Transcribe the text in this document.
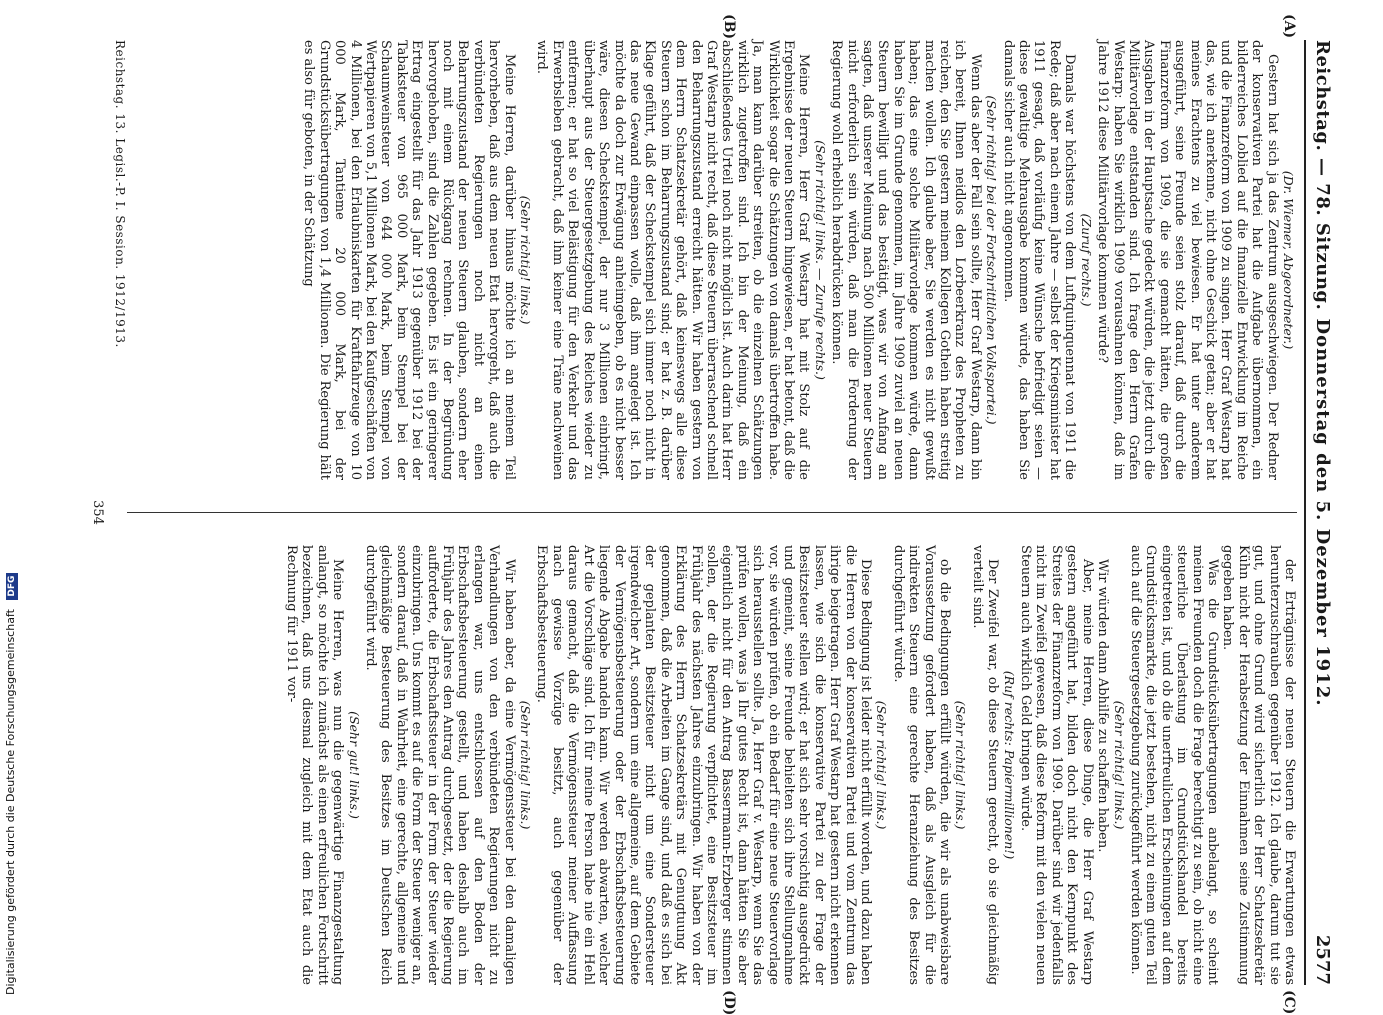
Reichstag. — 78. Sitzung.
Donnerstag den 5. Dezember 1912.
2577
(A)
(B)
(C)
(D)
(Dr. Wiemer, Abgeordneter.)

Gestern hat sich ja das Zentrum ausgeschwiegen. Der Redner der konservativen Partei hat die Aufgabe übernommen, ein bilderreiches Loblied auf die finanzielle Entwicklung im Reiche und die Finanzreform von 1909 zu singen. Herr Graf Westarp hat das, wie ich anerkenne, nicht ohne Geschick getan; aber er hat meines Erachtens zu viel bewiesen. Er hat unter anderem ausgeführt, seine Freunde seien stolz darauf, daß durch die Finanzreform von 1909, die sie gemacht hätten, die großen Ausgaben in der Hauptsache gedeckt würden, die jetzt durch die Militärvorlage entstanden sind. Ich frage den Herrn Grafen Westarp: haben Sie wirklich 1909 vorausahnen können, daß im Jahre 1912 diese Militärvorlage kommen würde?

(Zuruf rechts.)

Damals war höchstens von dem Luftquinquennat von 1911 die Rede; daß aber nach einem Jahre — selbst der Kriegsminister hat 1911 gesagt, daß vorläufig keine Wünsche befriedigt seien — diese gewaltige Mehrausgabe kommen würde, das haben Sie damals sicher auch nicht angenommen.

(Sehr richtig! bei der Fortschrittlichen Volkspartei.)

Wenn das aber der Fall sein sollte, Herr Graf Westarp, dann bin ich bereit, Ihnen neidlos den Lorbeerkranz des Propheten zu reichen, den Sie gestern meinem Kollegen Gothein haben streitig machen wollen. Ich glaube aber, Sie werden es nicht gewußt haben; das eine solche Militärvorlage kommen würde, dann haben Sie im Grunde genommen, im Jahre 1909 zuviel an neuen Steuern bewilligt und das bestätigt, was wir von Anfang an sagten, daß unserer Meinung nach 500 Millionen neuer Steuern nicht erforderlich sein würden, daß man die Forderung der Regierung wohl erheblich herabdrücken können.

(Sehr richtig! links. — Zurufe rechts.)

Meine Herren, Herr Graf Westarp hat mit Stolz auf die Ergebnisse der neuen Steuern hingewiesen, er hat betont, daß die Wirklichkeit sogar die Schätzungen von damals übertroffen habe. Ja, man kann darüber streiten, ob die einzelnen Schätzungen wirklich zugetroffen sind. Ich bin der Meinung, daß ein abschließendes Urteil noch nicht möglich ist. Auch darin hat Herr Graf Westarp nicht recht, daß diese Steuern überraschend schnell den Beharrungszustand erreicht hätten. Wir haben gestern von dem Herrn Schatzsekretär gehört, daß keineswegs alle diese Steuern schon im Beharrungszustand sind; er hat z. B. darüber Klage geführt, daß der Scheckstempel sich immer noch nicht in das neue Gewand einpassen wolle, daß ihm angelegt ist. Ich möchte da doch zur Erwägung anheimgeben, ob es nicht besser wäre, diesen Scheckstempel, der nur 3 Millionen einbringt, überhaupt aus der Steuergesetzgebung des Reiches wieder zu entfernen; er hat so viel Belästigung für den Verkehr und das Erwerbsleben gebracht, daß ihm keiner eine Träne nachweinen wird.

(Sehr richtig! links.)

Meine Herren, darüber hinaus möchte ich an meinem Teil hervorheben, daß aus dem neuen Etat hervorgeht, daß auch die verbündeten Regierungen noch nicht an einen Beharrungszustand der neuen Steuern glauben, sondern eher noch mit einem Rückgang rechnen. In der Begründung hervorgehoben, sind die Zahlen gegeben. Es ist ein geringerer Ertrag eingestellt für das Jahr 1913 gegenüber 1912 bei der Tabaksteuer von 965 000 Mark, beim Stempel bei der Schaumweinsteuer von 644 000 Mark, beim Stempel von Wertpapieren von 5,1 Millionen Mark, bei den Kaufgeschäften von 4 Millionen, bei den Erlaubniskarten für Kraftfahrzeuge von 10 000 Mark, Tantieme 20 000 Mark, bei der Grundstücksübertragungen von 1,4 Millionen. Die Regierung hält es also für geboten, in der Schätzung

der Erträgnisse der neuen Steuern die Erwartungen etwas herunterzuschrauben gegenüber 1912. Ich glaube, darum tut sie gut, und ohne Grund wird sicherlich der Herr Schatzsekretär Kühn nicht der Herabsetzung der Einnahmen seine Zustimmung gegeben haben.

Was die Grundstücksübertragungen anbelangt, so scheint meinen Freunden doch die Frage berechtigt zu sein, ob nicht eine steuerliche Überlastung im Grundstückshandel bereits eingetreten ist, und ob die unerfreulichen Erscheinungen auf dem Grundstücksmarkte, die jetzt bestehen, nicht zu einem guten Teil auch auf die Steuergesetzgebung zurückgeführt werden können.

(Sehr richtig! links.)

Wir würden dann Abhilfe zu schaffen haben.

Aber, meine Herren, diese Dinge, die Herr Graf Westarp gestern angeführt hat, bilden doch nicht den Kernpunkt des Streites der Finanzreform von 1909. Darüber sind wir jedenfalls nicht im Zweifel gewesen, daß diese Reform mit den vielen neuen Steuern auch wirklich Geld bringen würde.

(Ruf rechts: Papiermillionen!)

Der Zweifel war, ob diese Steuern gerecht, ob sie gleichmäßig verteilt sind.

(Sehr richtig! links.)

ob die Bedingungen erfüllt würden, die wir als unabweisbare Voraussetzung gefordert haben, daß als Ausgleich für die indirekten Steuern eine gerechte Heranziehung des Besitzes durchgeführt würde.

(Sehr richtig! links.)

Diese Bedingung ist leider nicht erfüllt worden, und dazu haben die Herren von der konservativen Partei und vom Zentrum das ihrige beigetragen. Herr Graf Westarp hat gestern nicht erkennen lassen, wie sich die konservative Partei zu der Frage der Besitzsteuer stellen wird; er hat sich sehr vorsichtig ausgedrückt und gemeint, seine Freunde behielten sich ihre Stellungnahme vor, sie würden prüfen, ob ein Bedarf für eine neue Steuervorlage sich herausstellen sollte. Ja, Herr Graf v. Westarp, wenn Sie das prüfen wollen, was ja Ihr gutes Recht ist, dann hätten Sie aber eigentlich nicht für den Antrag Bassermann-Erzberger stimmen sollen, der die Regierung verpflichtet, eine Besitzsteuer im Frühjahr des nächsten Jahres einzubringen. Wir haben von der Erklärung des Herrn Schatzsekretärs mit Genugtuung Akt genommen, daß die Arbeiten im Gange sind, und daß es sich bei der geplanten Besitzsteuer nicht um eine Sondersteuer irgendwelcher Art, sondern um eine allgemeine, auf dem Gebiete der Vermögensbesteuerung oder der Erbschaftsbesteuerung liegende Abgabe handeln kann. Wir werden abwarten, welcher Art die Vorschläge sind. Ich für meine Person habe nie ein Hehl daraus gemacht, daß die Vermögenssteuer meiner Auffassung nach gewisse Vorzüge besitzt, auch gegenüber der Erbschaftsbesteuerung.

(Sehr richtig! links.)

Wir haben aber, da eine Vermögenssteuer bei den damaligen Verhandlungen von den verbündeten Regierungen nicht zu erlangen war, uns entschlossen auf den Boden der Erbschaftsbesteuerung gestellt, und haben deshalb auch im Frühjahr des Jahres den Antrag durchgesetzt, der die Regierung aufforderte, die Erbschaftssteuer in der Form der Steuer wieder einzubringen. Uns kommt es auf die Form der Steuer weniger an, sondern darauf, daß in Wahrheit, eine gerechte, allgemeine und gleichmäßige Besteuerung des Besitzes im Deutschen Reich durchgeführt wird.

(Sehr gut! links.)

Meine Herren, was nun die gegenwärtige Finanzgestaltung anlangt, so möchte ich zunächst als einen erfreulichen Fortschritt bezeichnen, daß uns diesmal zugleich mit dem Etat auch die Rechnung für 1911 vor-

Reichstag. 13. Legisl.-P. I. Session. 1912/1913.
354
Digitalisierung gefördert durch die Deutsche Forschungsgemeinschaft DFG
